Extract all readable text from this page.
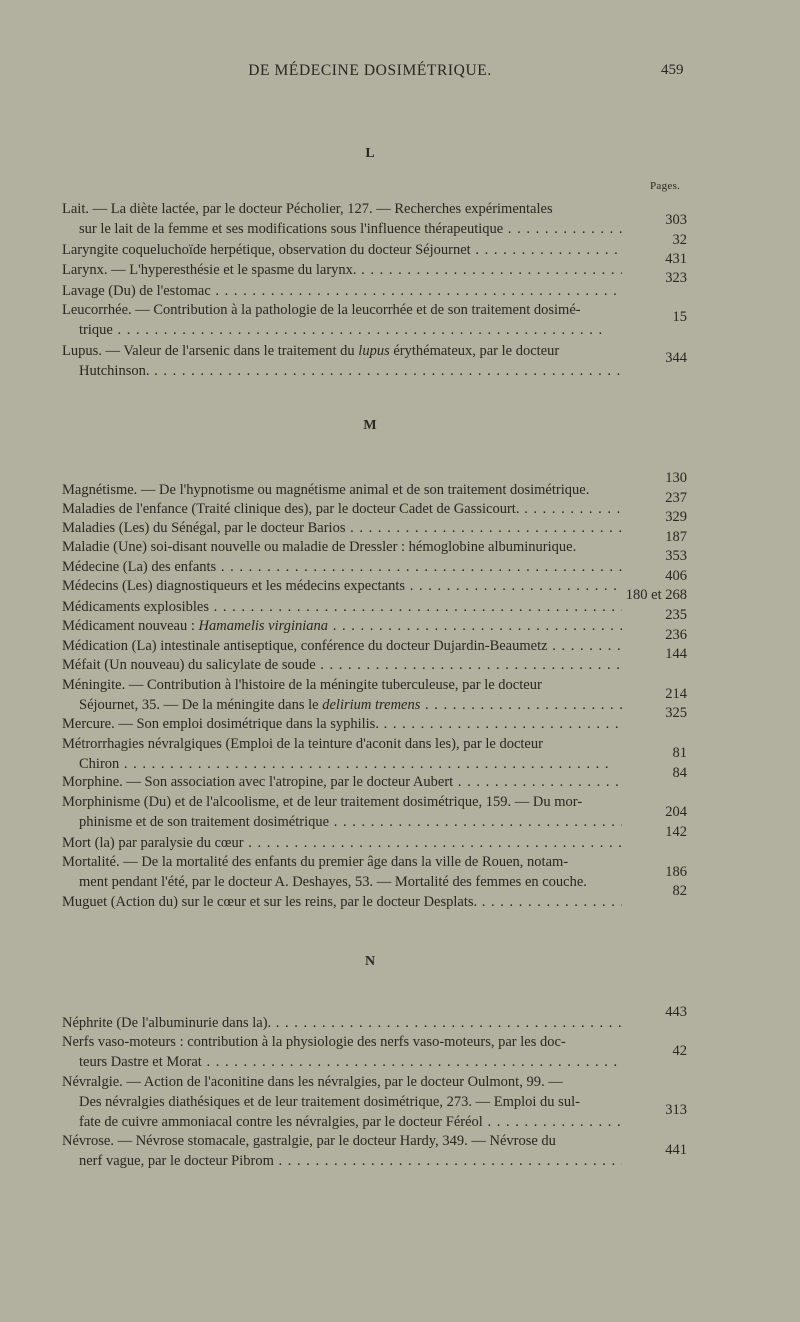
DE MÉDECINE DOSIMÉTRIQUE.	459
L
Pages.
Lait. — La diète lactée, par le docteur Pécholier, 127. — Recherches expérimentales
sur le lait de la femme et ses modifications sous l'influence thérapeutique . . .
303
Laryngite coqueluchoïde herpétique, observation du docteur Séjournet . . .
32
Larynx. — L'hyperesthésie et le spasme du larynx. . . .
431
Lavage (Du) de l'estomac . . .
323
Leucorrhée. — Contribution à la pathologie de la leucorrhée et de son traitement dosimé-
trique . . .
15
Lupus. — Valeur de l'arsenic dans le traitement du lupus érythémateux, par le docteur
Hutchinson. . . .
344
M
Magnétisme. — De l'hypnotisme ou magnétisme animal et de son traitement dosimétrique.
130
Maladies de l'enfance (Traité clinique des), par le docteur Cadet de Gassicourt. . . .
237
Maladies (Les) du Sénégal, par le docteur Barios . . .
329
Maladie (Une) soi-disant nouvelle ou maladie de Dressler : hémoglobine albuminurique.
187
Médecine (La) des enfants . . .
353
Médecins (Les) diagnostiqueurs et les médecins expectants . . .
406
Médicaments explosibles . . .
180 et 268
Médicament nouveau : Hamamelis virginiana . . .
235
Médication (La) intestinale antiseptique, conférence du docteur Dujardin-Beaumetz . . .
236
Méfait (Un nouveau) du salicylate de soude . . .
144
Méningite. — Contribution à l'histoire de la méningite tuberculeuse, par le docteur
Séjournet, 35. — De la méningite dans le delirium tremens . . .
214
Mercure. — Son emploi dosimétrique dans la syphilis. . . .
325
Métrorrhagies névralgiques (Emploi de la teinture d'aconit dans les), par le docteur
Chiron . . .
81
Morphine. — Son association avec l'atropine, par le docteur Aubert . . .
84
Morphinisme (Du) et de l'alcoolisme, et de leur traitement dosimétrique, 159. — Du mor-
phinisme et de son traitement dosimétrique . . .
204
Mort (la) par paralysie du cœur . . .
142
Mortalité. — De la mortalité des enfants du premier âge dans la ville de Rouen, notam-
ment pendant l'été, par le docteur A. Deshayes, 53. — Mortalité des femmes en couche.
186
Muguet (Action du) sur le cœur et sur les reins, par le docteur Desplats. . . .
82
N
Néphrite (De l'albuminurie dans la). . . .
443
Nerfs vaso-moteurs : contribution à la physiologie des nerfs vaso-moteurs, par les doc-
teurs Dastre et Morat . . .
42
Névralgie. — Action de l'aconitine dans les névralgies, par le docteur Oulmont, 99. —
Des névralgies diathésiques et de leur traitement dosimétrique, 273. — Emploi du sul-
fate de cuivre ammoniacal contre les névralgies, par le docteur Féréol . . .
313
Névrose. — Névrose stomacale, gastralgie, par le docteur Hardy, 349. — Névrose du
nerf vague, par le docteur Pibrom . . .
441
